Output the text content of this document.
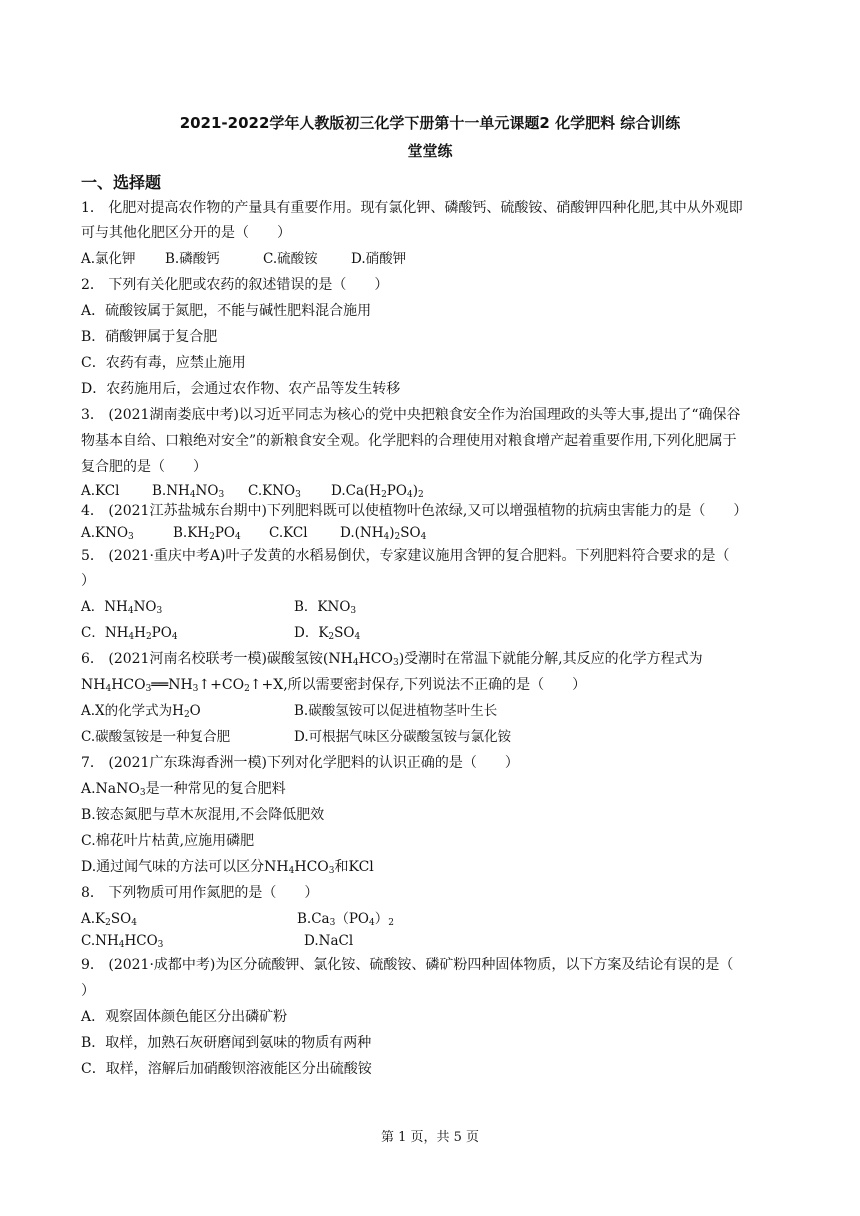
2021-2022学年人教版初三化学下册第十一单元课题2 化学肥料 综合训练
堂堂练
一、选择题
1． 化肥对提高农作物的产量具有重要作用。现有氯化钾、磷酸钙、硫酸铵、硝酸钾四种化肥,其中从外观即
可与其他化肥区分开的是（　　）
A.氯化钾 B.磷酸钙	C.硫酸铵 D.硝酸钾
2． 下列有关化肥或农药的叙述错误的是（　　）
A．硫酸铵属于氮肥，不能与碱性肥料混合施用
B．硝酸钾属于复合肥
C．农药有毒，应禁止施用
D．农药施用后，会通过农作物、农产品等发生转移
3． (2021湖南娄底中考)以习近平同志为核心的党中央把粮食安全作为治国理政的头等大事,提出了“确保谷
物基本自给、口粮绝对安全”的新粮食安全观。化学肥料的合理使用对粮食增产起着重要作用,下列化肥属于
复合肥的是（　　）
A.KCl $B.NH_4NO_3$ $C.KNO_3$ $D.Ca(H_2PO_4)_2$
4． (2021江苏盐城东台期中)下列肥料既可以使植物叶色浓绿,又可以增强植物的抗病虫害能力的是（　　）
$A.KNO_3$	$B.KH_2PO_4$ C.KCl $D.(NH_4)_2SO_4$
5． (2021·重庆中考A)叶子发黄的水稻易倒伏，专家建议施用含钾的复合肥料。下列肥料符合要求的是（
）
A．$NH_4NO_3$	B．$KNO_3$
C．$NH_4H_2PO_4$	D．$K_2SO_4$
6． (2021河南名校联考一模)碳酸氢铵$(NH_4HCO_3)$受潮时在常温下就能分解,其反应的化学方程式为
$NH_4HCO_3══NH_3↑+CO_2↑+X$,所以需要密封保存,下列说法不正确的是（　　）
A.X的化学式为$H_2O$	B.碳酸氢铵可以促进植物茎叶生长
C.碳酸氢铵是一种复合肥	D.可根据气味区分碳酸氢铵与氯化铵
7． (2021广东珠海香洲一模)下列对化学肥料的认识正确的是（　　）
A.NaNO$_3$是一种常见的复合肥料
B.铵态氮肥与草木灰混用,不会降低肥效
C.棉花叶片枯黄,应施用磷肥
D.通过闻气味的方法可以区分$NH_4HCO_3$和KCl
8． 下列物质可用作氮肥的是（　　）
$A.K_2SO_4$	$B.Ca_3(PO_4)_2$
$C.NH_4HCO_3$	D.NaCl
9． (2021·成都中考)为区分硫酸钾、氯化铵、硫酸铵、磷矿粉四种固体物质，以下方案及结论有误的是（
）
A．观察固体颜色能区分出磷矿粉
B．取样，加熟石灰研磨闻到氨味的物质有两种
C．取样，溶解后加硝酸钡溶液能区分出硫酸铵
第 1 页，共 5 页
